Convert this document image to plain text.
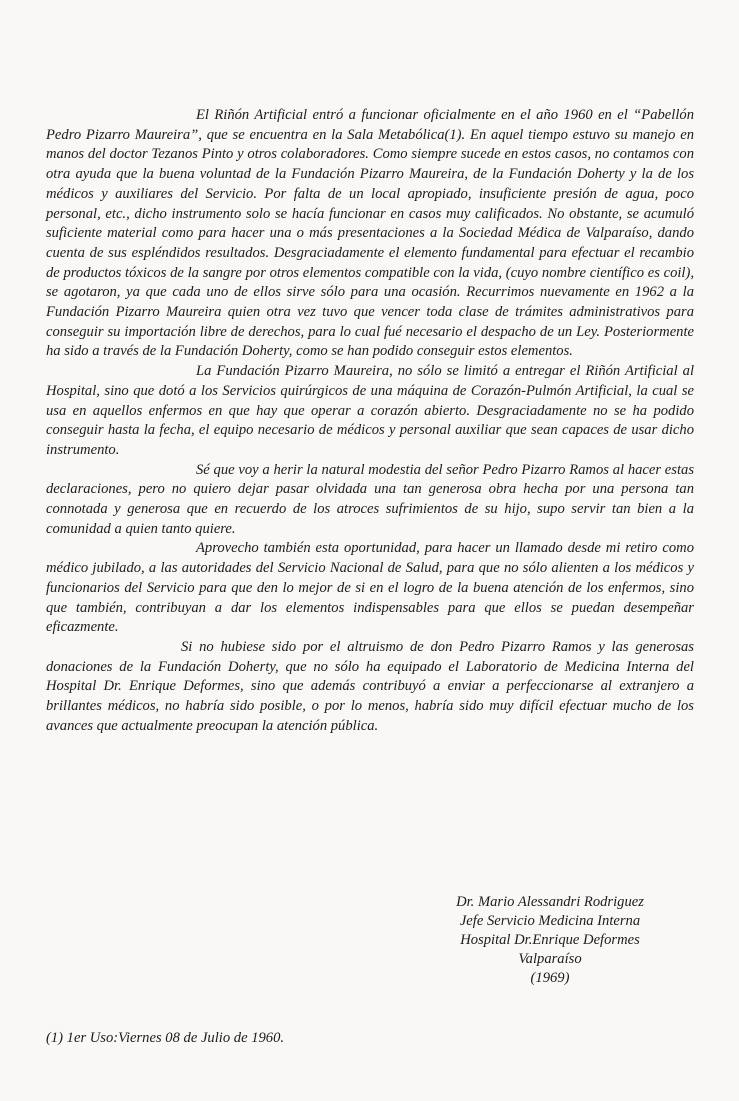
El Riñón Artificial entró a funcionar oficialmente en el año 1960 en el “Pabellón Pedro Pizarro Maureira”, que se encuentra en la Sala Metabólica(1). En aquel tiempo estuvo su manejo en manos del doctor Tezanos Pinto y otros colaboradores. Como siempre sucede en estos casos, no contamos con otra ayuda que la buena voluntad de la Fundación Pizarro Maureira, de la Fundación Doherty y la de los médicos y auxiliares del Servicio. Por falta de un local apropiado, insuficiente presión de agua, poco personal, etc., dicho instrumento solo se hacía funcionar en casos muy calificados. No obstante, se acumuló suficiente material como para hacer una o más presentaciones a la Sociedad Médica de Valparaíso, dando cuenta de sus espléndidos resultados. Desgraciadamente el elemento fundamental para efectuar el recambio de productos tóxicos de la sangre por otros elementos compatible con la vida, (cuyo nombre científico es coil), se agotaron, ya que cada uno de ellos sirve sólo para una ocasión. Recurrimos nuevamente en 1962 a la Fundación Pizarro Maureira quien otra vez tuvo que vencer toda clase de trámites administrativos para conseguir su importación libre de derechos, para lo cual fué necesario el despacho de un Ley. Posteriormente ha sido a través de la Fundación Doherty, como se han podido conseguir estos elementos.

La Fundación Pizarro Maureira, no sólo se limitó a entregar el Riñón Artificial al Hospital, sino que dotó a los Servicios quirúrgicos de una máquina de Corazón-Pulmón Artificial, la cual se usa en aquellos enfermos en que hay que operar a corazón abierto. Desgraciadamente no se ha podido conseguir hasta la fecha, el equipo necesario de médicos y personal auxiliar que sean capaces de usar dicho instrumento.

Sé que voy a herir la natural modestia del señor Pedro Pizarro Ramos al hacer estas declaraciones, pero no quiero dejar pasar olvidada una tan generosa obra hecha por una persona tan connotada y generosa que en recuerdo de los atroces sufrimientos de su hijo, supo servir tan bien a la comunidad a quien tanto quiere.

Aprovecho también esta oportunidad, para hacer un llamado desde mi retiro como médico jubilado, a las autoridades del Servicio Nacional de Salud, para que no sólo alienten a los médicos y funcionarios del Servicio para que den lo mejor de si en el logro de la buena atención de los enfermos, sino que también, contribuyan a dar los elementos indispensables para que ellos se puedan desempeñar eficazmente.

Si no hubiese sido por el altruismo de don Pedro Pizarro Ramos y las generosas donaciones de la Fundación Doherty, que no sólo ha equipado el Laboratorio de Medicina Interna del Hospital Dr. Enrique Deformes, sino que además contribuyó a enviar a perfeccionarse al extranjero a brillantes médicos, no habría sido posible, o por lo menos, habría sido muy difícil efectuar mucho de los avances que actualmente preocupan la atención pública.

Dr. Mario Alessandri Rodriguez
Jefe Servicio Medicina Interna
Hospital Dr.Enrique Deformes
Valparaíso
(1969)
(1) 1er Uso:Viernes 08 de Julio de 1960.
